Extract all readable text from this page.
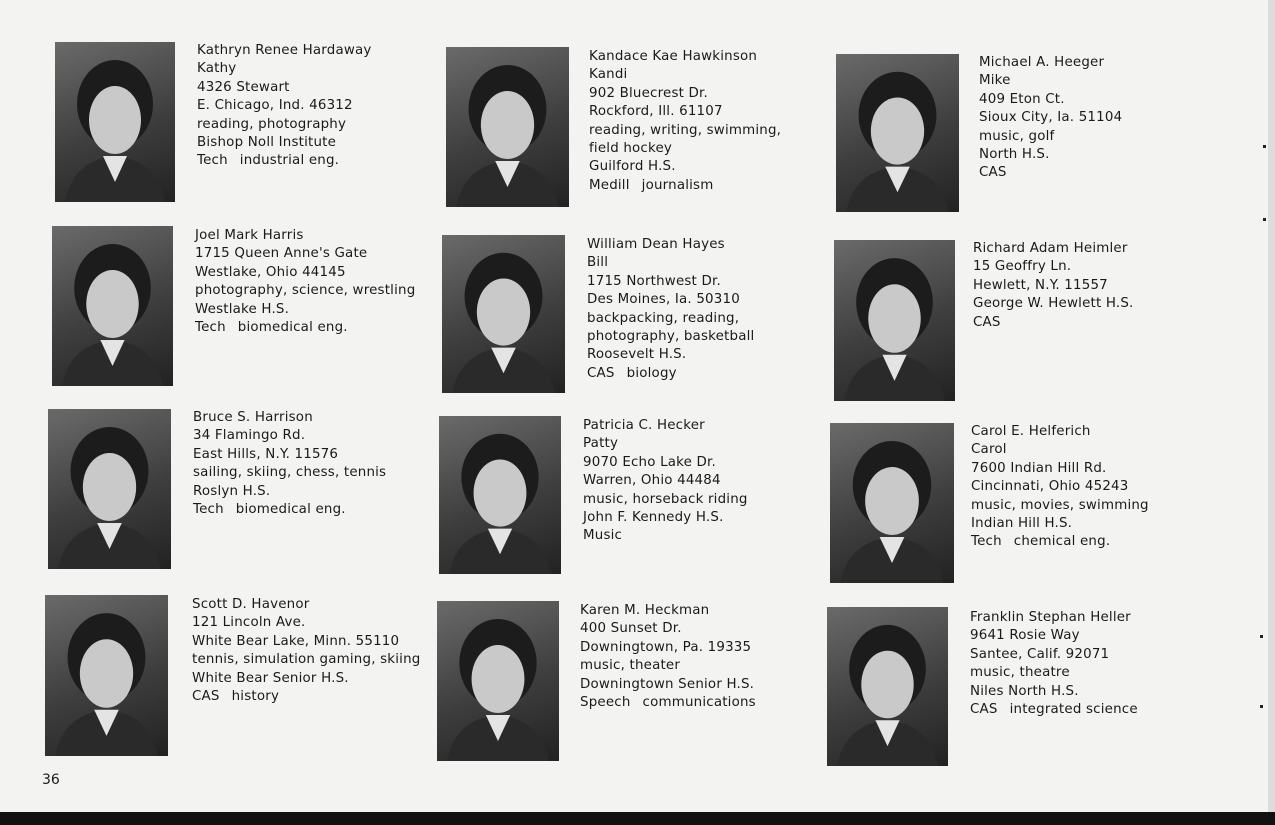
Kathryn Renee Hardaway
Kathy
4326 Stewart
E. Chicago, Ind. 46312
reading, photography
Bishop Noll Institute
Tech industrial eng.
Kandace Kae Hawkinson
Kandi
902 Bluecrest Dr.
Rockford, Ill. 61107
reading, writing, swimming,
field hockey
Guilford H.S.
Medill journalism
Michael A. Heeger
Mike
409 Eton Ct.
Sioux City, Ia. 51104
music, golf
North H.S.
CAS
Joel Mark Harris
1715 Queen Anne's Gate
Westlake, Ohio 44145
photography, science, wrestling
Westlake H.S.
Tech biomedical eng.
William Dean Hayes
Bill
1715 Northwest Dr.
Des Moines, Ia. 50310
backpacking, reading,
photography, basketball
Roosevelt H.S.
CAS biology
Richard Adam Heimler
15 Geoffry Ln.
Hewlett, N.Y. 11557
George W. Hewlett H.S.
CAS
Bruce S. Harrison
34 Flamingo Rd.
East Hills, N.Y. 11576
sailing, skiing, chess, tennis
Roslyn H.S.
Tech biomedical eng.
Patricia C. Hecker
Patty
9070 Echo Lake Dr.
Warren, Ohio 44484
music, horseback riding
John F. Kennedy H.S.
Music
Carol E. Helferich
Carol
7600 Indian Hill Rd.
Cincinnati, Ohio 45243
music, movies, swimming
Indian Hill H.S.
Tech chemical eng.
Scott D. Havenor
121 Lincoln Ave.
White Bear Lake, Minn. 55110
tennis, simulation gaming, skiing
White Bear Senior H.S.
CAS history
Karen M. Heckman
400 Sunset Dr.
Downingtown, Pa. 19335
music, theater
Downingtown Senior H.S.
Speech communications
Franklin Stephan Heller
9641 Rosie Way
Santee, Calif. 92071
music, theatre
Niles North H.S.
CAS integrated science
36
